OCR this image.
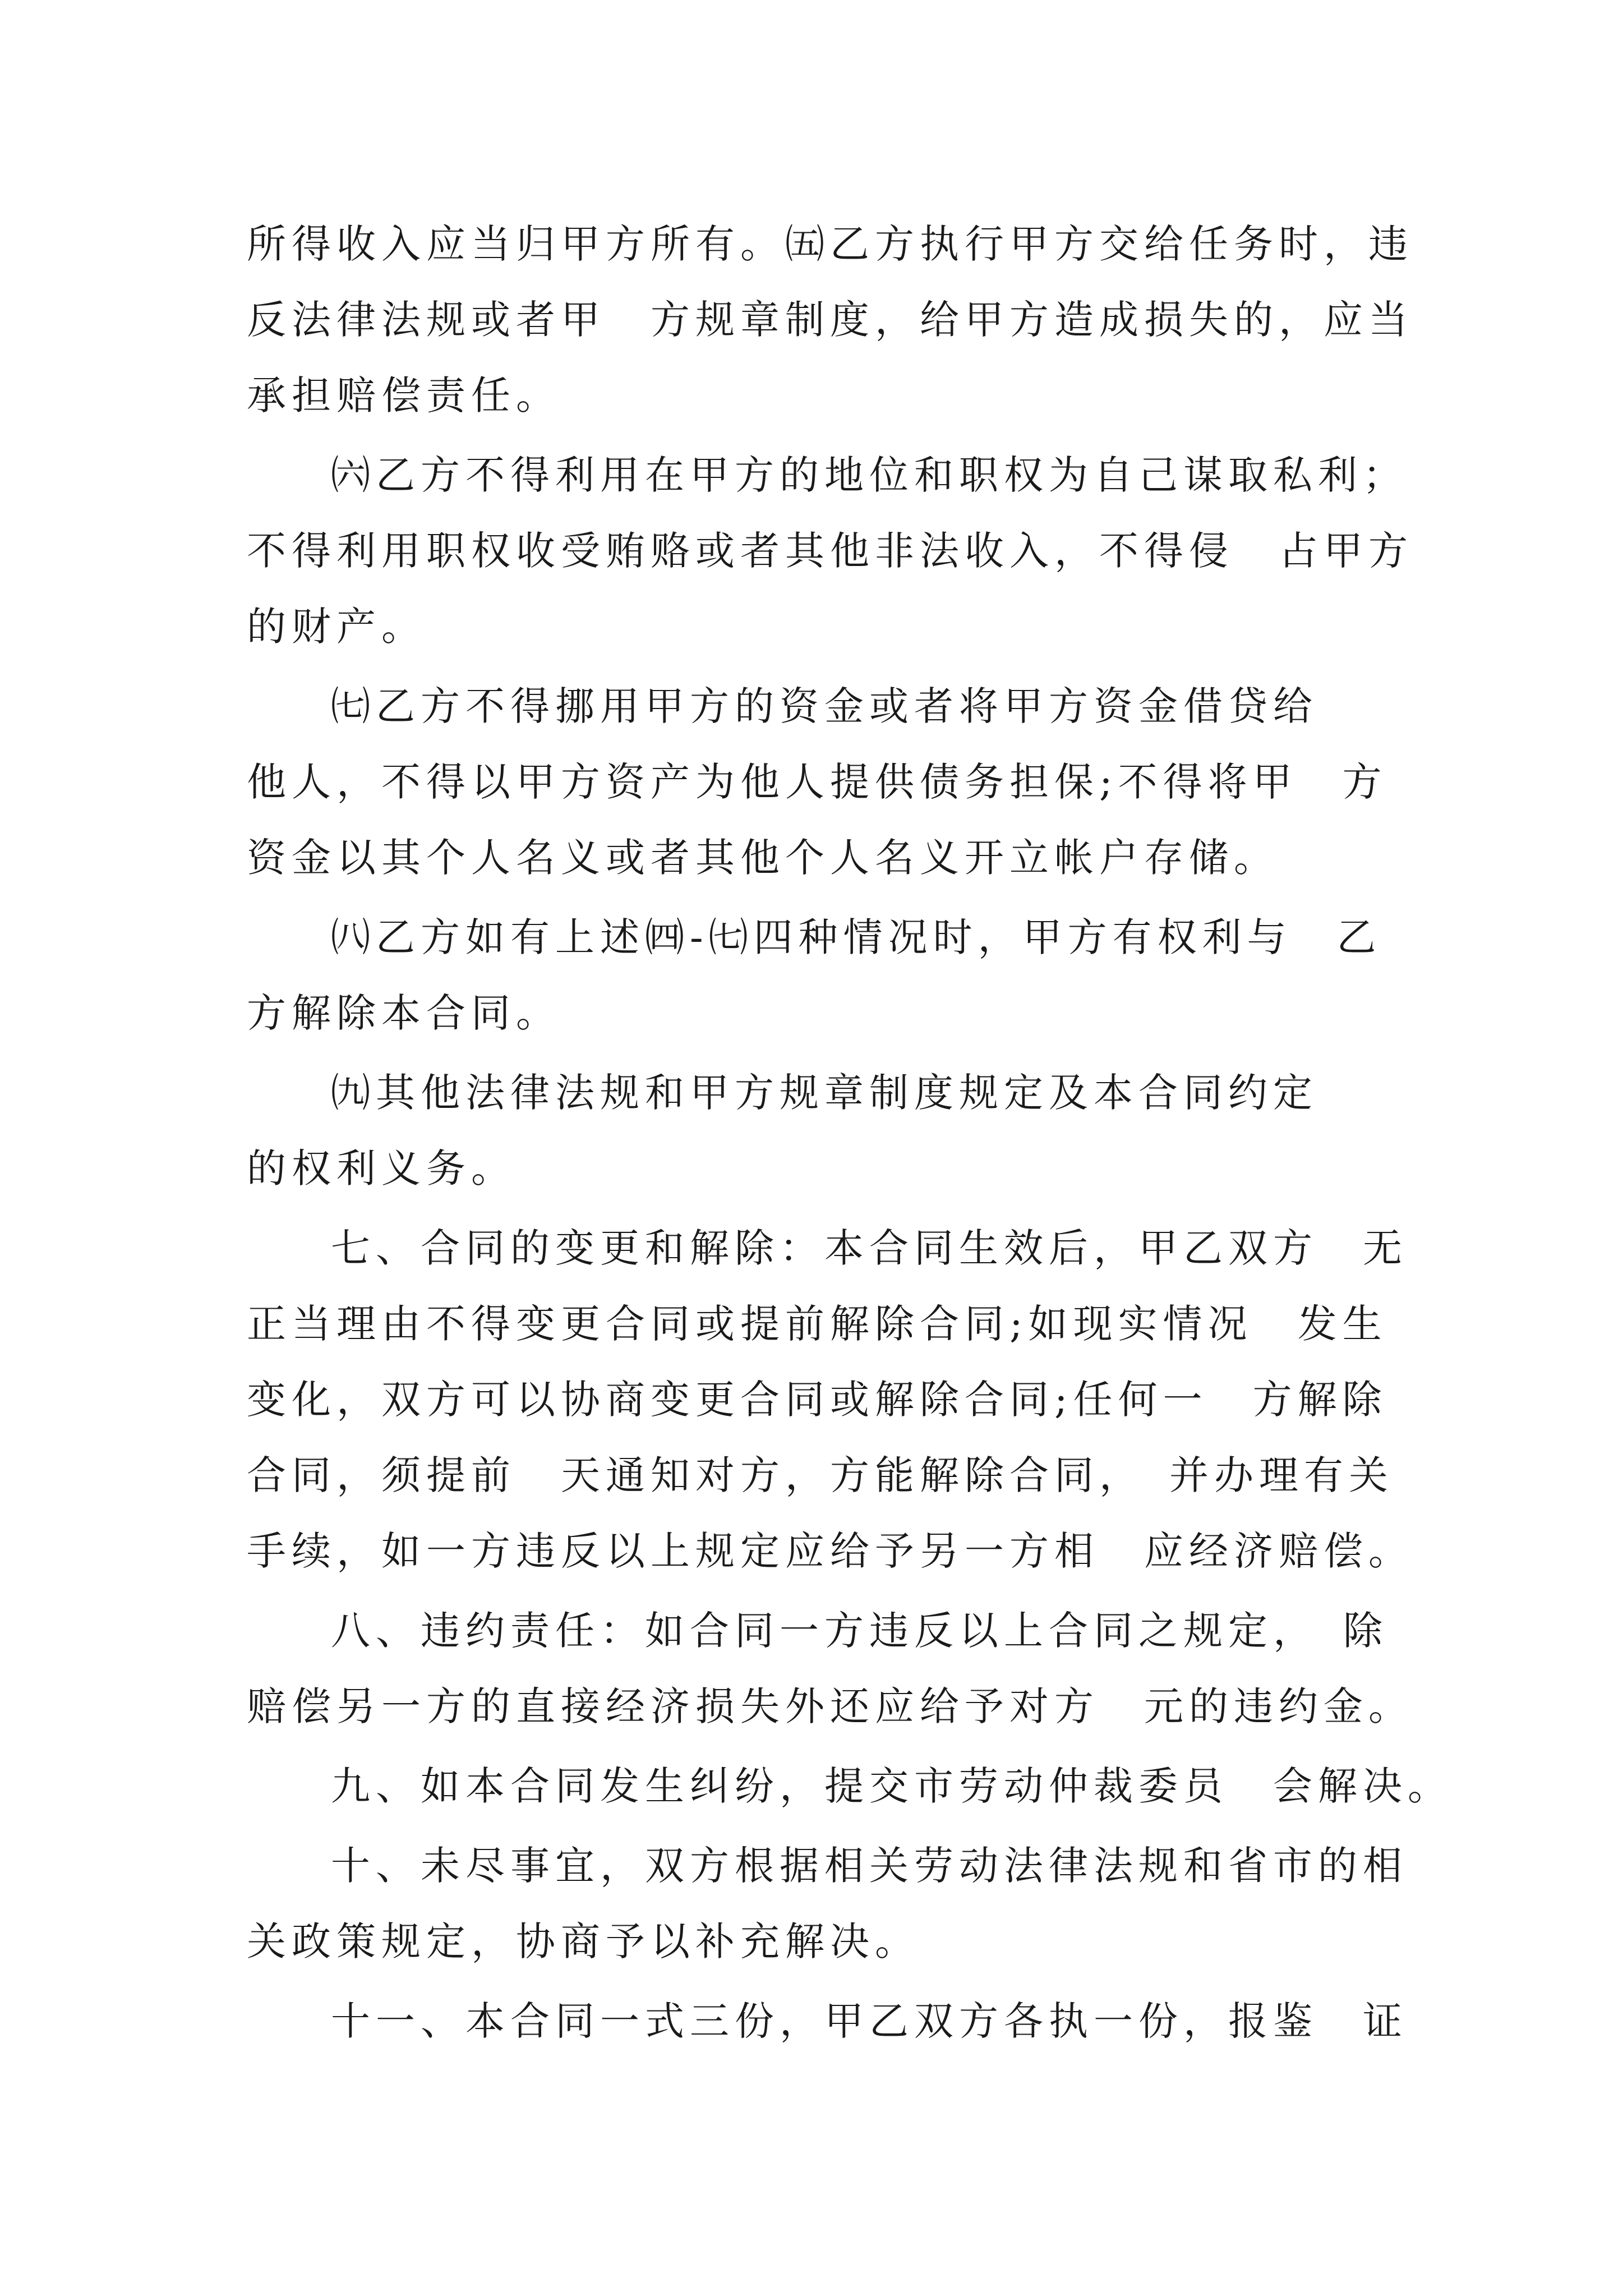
所得收入应当归甲方所有。㈤乙方执行甲方交给任务时，违
反法律法规或者甲　方规章制度，给甲方造成损失的，应当
承担赔偿责任。
㈥乙方不得利用在甲方的地位和职权为自己谋取私利；
不得利用职权收受贿赂或者其他非法收入，不得侵　占甲方
的财产。
㈦乙方不得挪用甲方的资金或者将甲方资金借贷给
他人，不得以甲方资产为他人提供债务担保;不得将甲　方
资金以其个人名义或者其他个人名义开立帐户存储。
㈧乙方如有上述㈣-㈦四种情况时，甲方有权利与　乙
方解除本合同。
㈨其他法律法规和甲方规章制度规定及本合同约定
的权利义务。
七、合同的变更和解除：本合同生效后，甲乙双方　无
正当理由不得变更合同或提前解除合同;如现实情况　发生
变化，双方可以协商变更合同或解除合同;任何一　方解除
合同，须提前　天通知对方，方能解除合同，　并办理有关
手续，如一方违反以上规定应给予另一方相　应经济赔偿。
八、违约责任：如合同一方违反以上合同之规定，　除
赔偿另一方的直接经济损失外还应给予对方　元的违约金。
九、如本合同发生纠纷，提交市劳动仲裁委员　会解决。
十、未尽事宜，双方根据相关劳动法律法规和省市的相
关政策规定，协商予以补充解决。
十一、本合同一式三份，甲乙双方各执一份，报鉴　证
